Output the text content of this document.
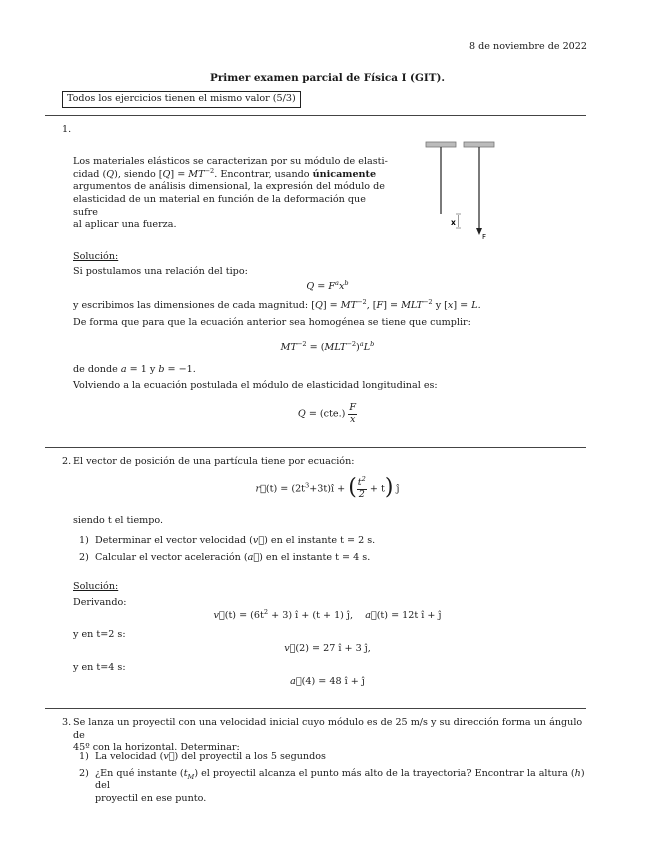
8 de noviembre de 2022
Primer examen parcial de Física I (GIT).
Todos los ejercicios tienen el mismo valor (5/3)
1.
Los materiales elásticos se caracterizan por su módulo de elasti-
cidad (Q), siendo $[Q] = MT^{-2}$. Encontrar, usando únicamente
argumentos de análisis dimensional, la expresión del módulo de
elasticidad de un material en función de la deformación que sufre
al aplicar una fuerza.	x
F
Solución:
Si postulamos una relación del tipo:
$Q = F^ax^b$
y escribimos las dimensiones de cada magnitud: $[Q] = MT^{-2}$, $[F] = MLT^{-2}$ y [x] = L.
De forma que para que la ecuación anterior sea homogénea se tiene que cumplir:
$MT^{-2} = (MLT^{-2})^aL^b$
de donde a = 1 y b = −1.
Volviendo a la ecuación postulada el módulo de elasticidad longitudinal es:
$Q = (cte.) \frac{F}{x}$
2. El vector de posición de una partícula tiene por ecuación:
r⃗(t) = $(2t^3+3t)î$ + ( $\frac{t^2}{2} + t$) ĵ
siendo t el tiempo.
1) Determinar el vector velocidad (v⃗) en el instante t = 2 s.
2) Calcular el vector aceleración (a⃗) en el instante t = 4 s.
Solución:
Derivando:
v⃗(t) = $(6t^2 + 3)$ î + (t + 1) ĵ,    a⃗(t) = 12t î + ĵ
y en t=2 s:
v⃗(2) = 27 î + 3 ĵ,
y en t=4 s:
a⃗(4) = 48 î + ĵ
3. Se lanza un proyectil con una velocidad inicial cuyo módulo es de 25 m/s y su dirección forma un ángulo de
45º con la horizontal. Determinar:
1) La velocidad (v⃗) del proyectil a los 5 segundos
2) ¿En qué instante $(t_M)$ el proyectil alcanza el punto más alto de la trayectoria? Encontrar la altura (h) del
proyectil en ese punto.
